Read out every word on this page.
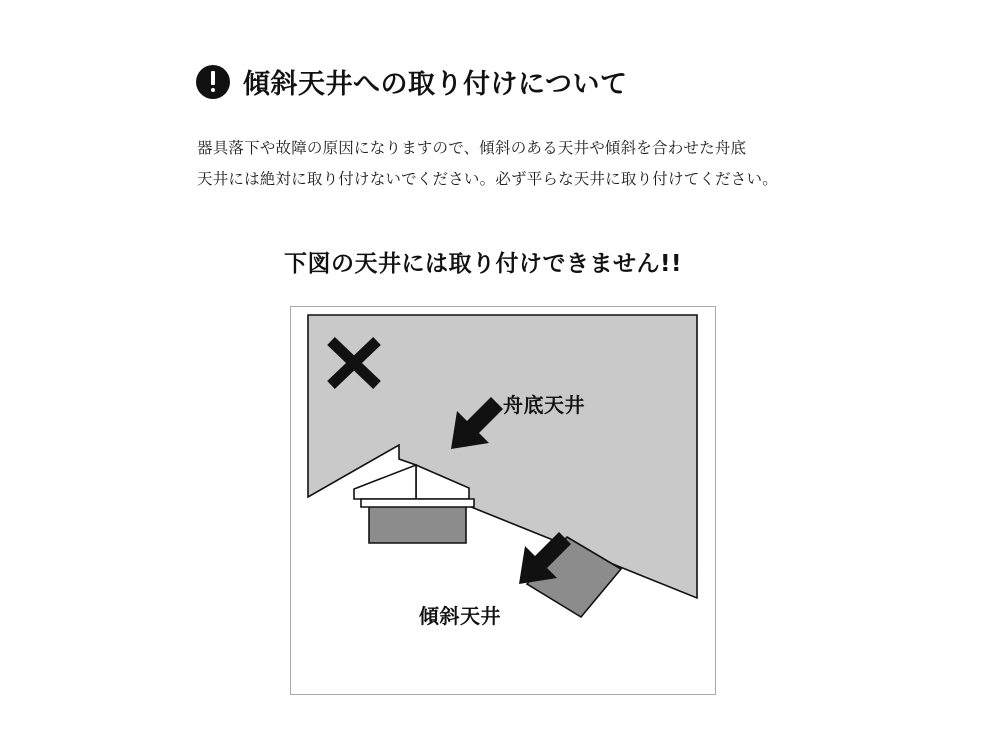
傾斜天井への取り付けについて
器具落下や故障の原因になりますので、傾斜のある天井や傾斜を合わせた舟底
天井には絶対に取り付けないでください。必ず平らな天井に取り付けてください。
下図の天井には取り付けできません!!
舟底天井
傾斜天井
